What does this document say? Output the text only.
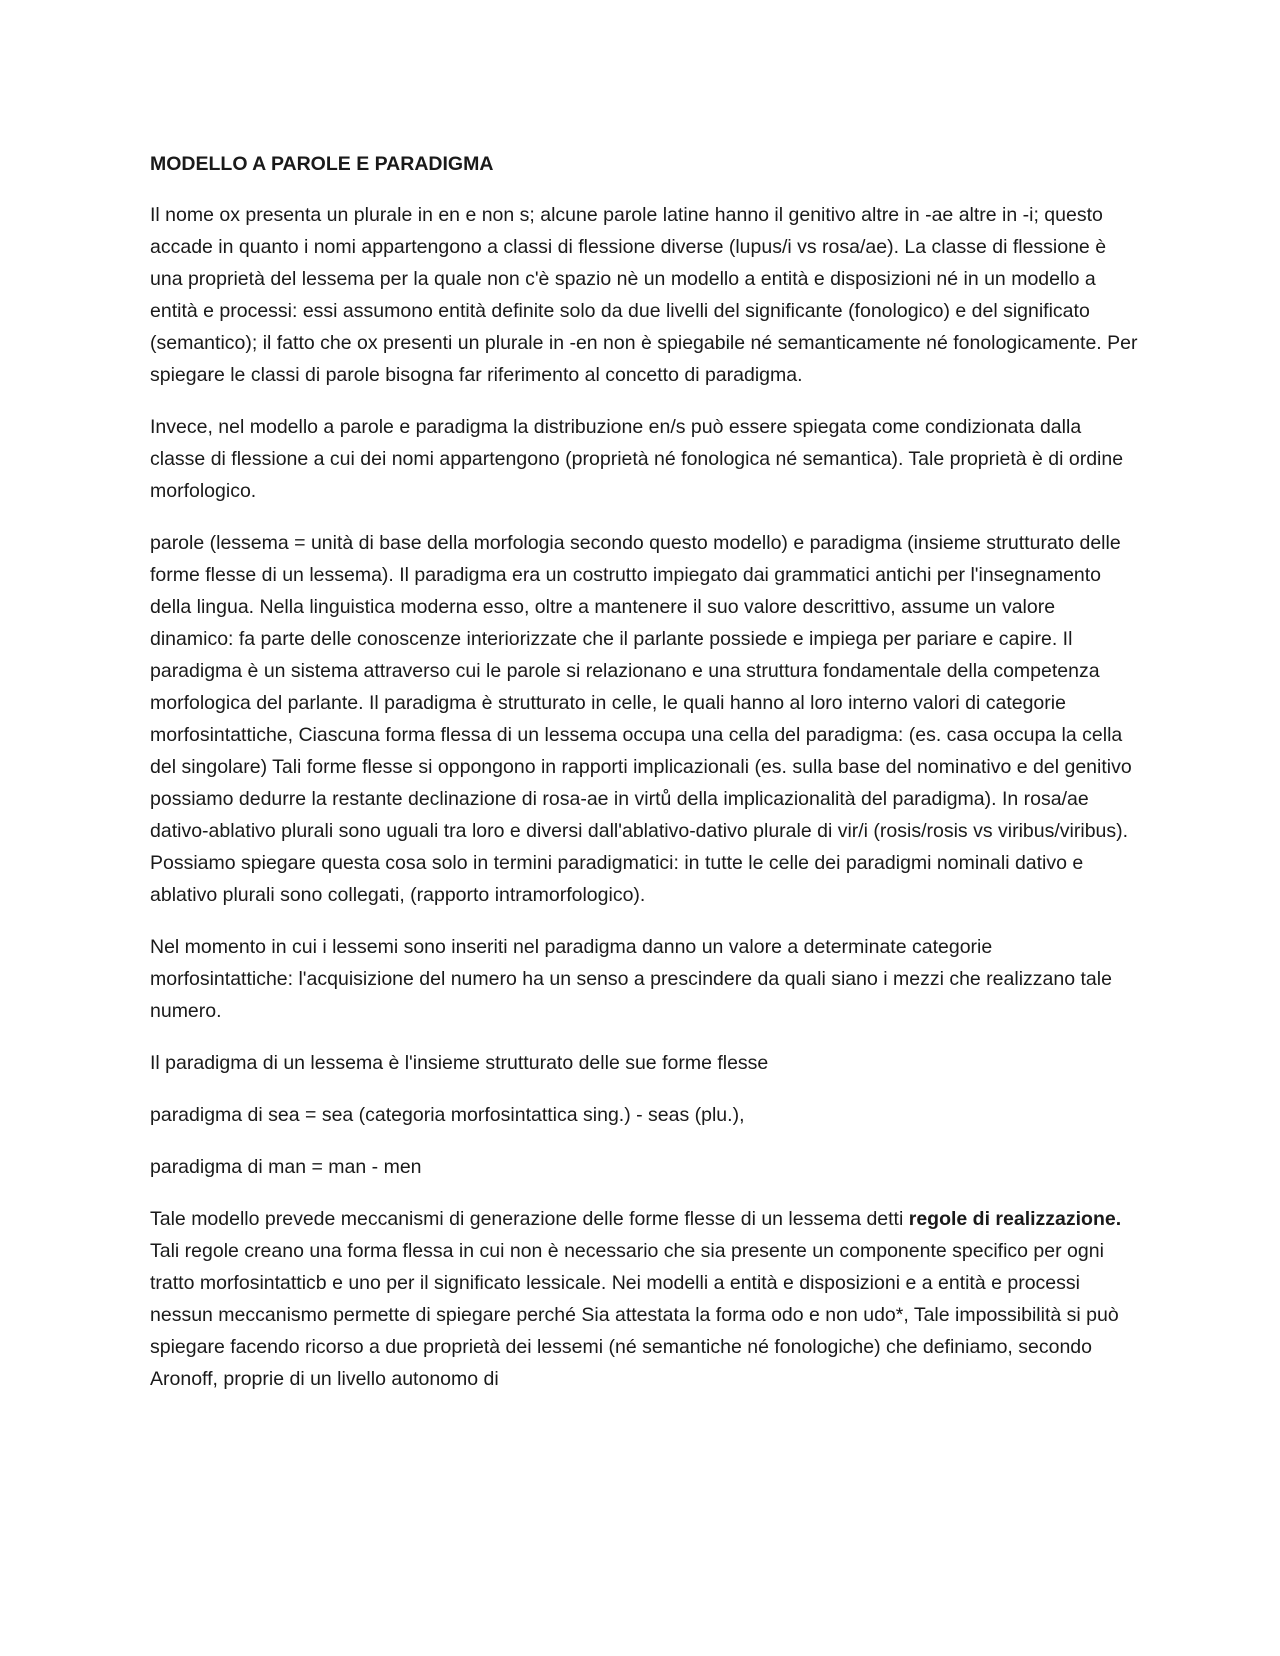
MODELLO A PAROLE E PARADIGMA

Il nome ox presenta un plurale in en e non s; alcune parole latine hanno il genitivo altre in -ae altre in -i; questo accade in quanto i nomi appartengono a classi di flessione diverse (lupus/i vs rosa/ae). La classe di flessione è una proprietà del lessema per la quale non c'è spazio nè un modello a entità e disposizioni né in un modello a entità e processi: essi assumono entità definite solo da due livelli del significante (fonologico) e del significato (semantico); il fatto che ox presenti un plurale in -en non è spiegabile né semanticamente né fonologicamente. Per spiegare le classi di parole bisogna far riferimento al concetto di paradigma.

Invece, nel modello a parole e paradigma la distribuzione en/s può essere spiegata come condizionata dalla classe di flessione a cui dei nomi appartengono (proprietà né fonologica né semantica). Tale proprietà è di ordine morfologico.

parole (lessema = unità di base della morfologia secondo questo modello) e paradigma (insieme strutturato delle forme flesse di un lessema). Il paradigma era un costrutto impiegato dai grammatici antichi per l'insegnamento della lingua. Nella linguistica moderna esso, oltre a mantenere il suo valore descrittivo, assume un valore dinamico: fa parte delle conoscenze interiorizzate che il parlante possiede e impiega per pariare e capire. Il paradigma è un sistema attraverso cui le parole si relazionano e una struttura fondamentale della competenza morfologica del parlante. Il paradigma è strutturato in celle, le quali hanno al loro interno valori di categorie morfosintattiche, Ciascuna forma flessa di un lessema occupa una cella del paradigma: (es. casa occupa la cella del singolare) Tali forme flesse si oppongono in rapporti implicazionali (es. sulla base del nominativo e del genitivo possiamo dedurre la restante declinazione di rosa-ae in virtů della implicazionalità del paradigma). In rosa/ae dativo-ablativo plurali sono uguali tra loro e diversi dall'ablativo-dativo plurale di vir/i (rosis/rosis vs viribus/viribus). Possiamo spiegare questa cosa solo in termini paradigmatici: in tutte le celle dei paradigmi nominali dativo e ablativo plurali sono collegati, (rapporto intramorfologico).

Nel momento in cui i lessemi sono inseriti nel paradigma danno un valore a determinate categorie morfosintattiche: l'acquisizione del numero ha un senso a prescindere da quali siano i mezzi che realizzano tale numero.

Il paradigma di un lessema è l'insieme strutturato delle sue forme flesse

paradigma di sea = sea (categoria morfosintattica sing.) - seas (plu.),

paradigma di man = man - men

Tale modello prevede meccanismi di generazione delle forme flesse di un lessema detti regole di realizzazione. Tali regole creano una forma flessa in cui non è necessario che sia presente un componente specifico per ogni tratto morfosintatticb e uno per il significato lessicale. Nei modelli a entità e disposizioni e a entità e processi nessun meccanismo permette di spiegare perché Sia attestata la forma odo e non udo*, Tale impossibilità si può spiegare facendo ricorso a due proprietà dei lessemi (né semantiche né fonologiche) che definiamo, secondo Aronoff, proprie di un livello autonomo di
